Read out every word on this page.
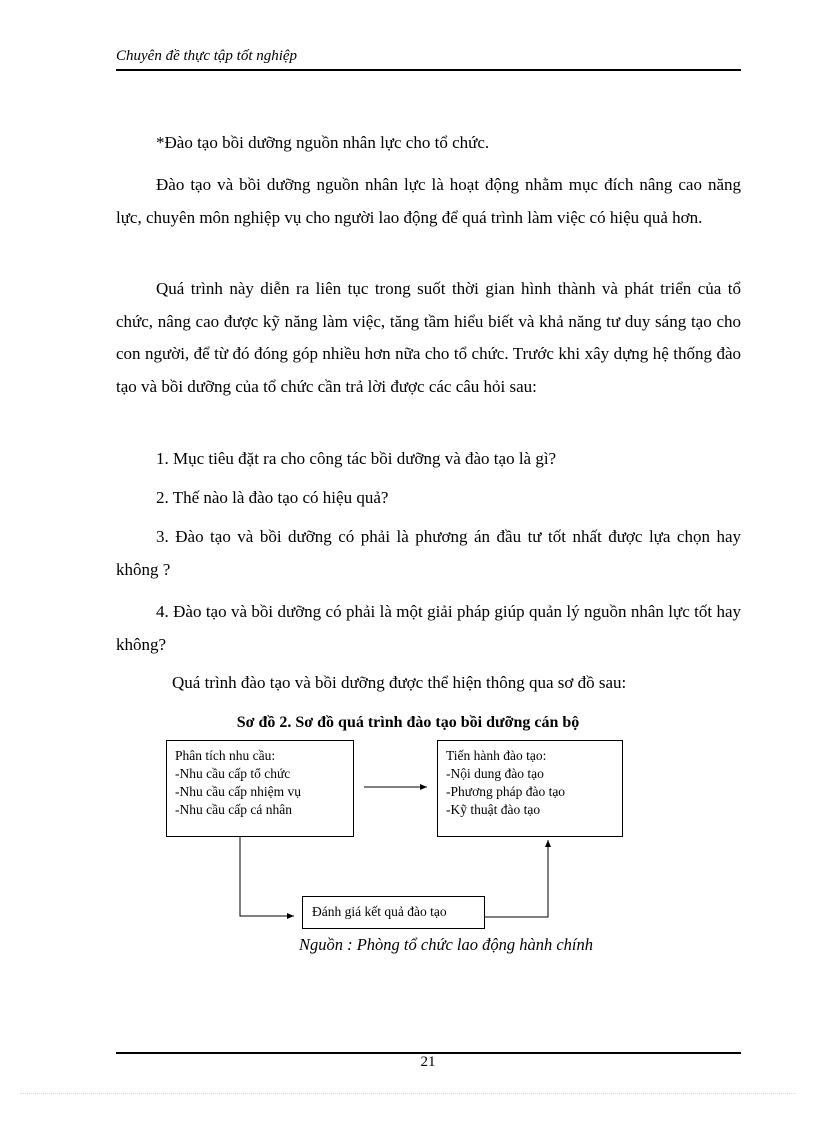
Chuyên đề thực tập tốt nghiệp

*Đào tạo bồi dưỡng nguồn nhân lực cho tổ chức.

Đào tạo và bồi dưỡng nguồn nhân lực là hoạt động nhằm mục đích nâng cao năng lực, chuyên môn nghiệp vụ cho người lao động để quá trình làm việc có hiệu quả hơn.

Quá trình này diễn ra liên tục trong suốt thời gian hình thành và phát triển của tổ chức, nâng cao được kỹ năng làm việc, tăng tầm hiểu biết và khả năng tư duy sáng tạo cho con người, để từ đó đóng góp nhiều hơn nữa cho tổ chức. Trước khi xây dựng hệ thống đào tạo và bồi dưỡng của tổ chức cần trả lời được các câu hỏi sau:

1. Mục tiêu đặt ra cho công tác bồi dưỡng và đào tạo là gì?

2. Thế nào là đào tạo có hiệu quả?

3. Đào tạo và bồi dưỡng có phải là phương án đầu tư tốt nhất được lựa chọn hay không ?

4. Đào tạo và bồi dưỡng có phải là một giải pháp giúp quản lý nguồn nhân lực tốt hay không?

Quá trình đào tạo và bồi dưỡng được thể hiện thông qua sơ đồ sau:

Sơ đồ 2. Sơ đồ quá trình đào tạo bồi dưỡng cán bộ
Phân tích nhu cầu:
-Nhu cầu cấp tổ chức
-Nhu cầu cấp nhiệm vụ
-Nhu cầu cấp cá nhân
Tiến hành đào tạo:
-Nội dung đào tạo
-Phương pháp đào tạo
-Kỹ thuật đào tạo
Đánh giá kết quả đào tạo
Nguồn : Phòng tổ chức lao động hành chính
21
